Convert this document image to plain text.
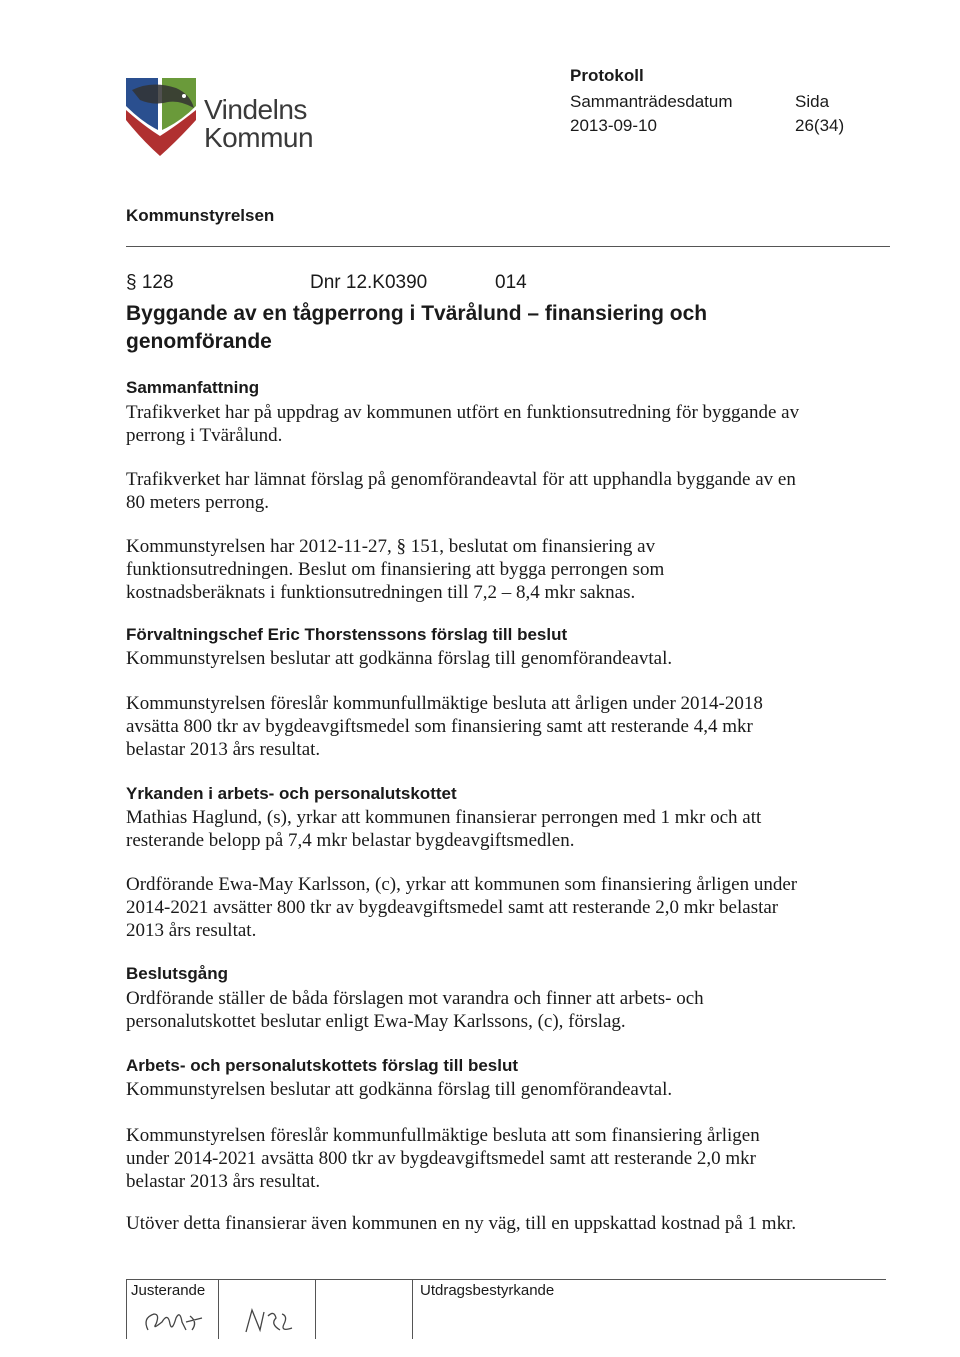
Vindelns
Kommun
Protokoll
Sammanträdesdatum
2013-09-10
Sida
26(34)
Kommunstyrelsen
§ 128	Dnr 12.K0390	014
Byggande av en tågperrong i Tvärålund – finansiering och genomförande
Sammanfattning
Trafikverket har på uppdrag av kommunen utfört en funktionsutredning för byggande av perrong i Tvärålund.
Trafikverket har lämnat förslag på genomförandeavtal för att upphandla byggande av en 80 meters perrong.
Kommunstyrelsen har 2012-11-27, § 151, beslutat om finansiering av funktionsutredningen. Beslut om finansiering att bygga perrongen som kostnadsberäknats i funktionsutredningen till 7,2 – 8,4 mkr saknas.
Förvaltningschef Eric Thorstenssons förslag till beslut
Kommunstyrelsen beslutar att godkänna förslag till genomförandeavtal.
Kommunstyrelsen föreslår kommunfullmäktige besluta att årligen under 2014-2018 avsätta 800 tkr av bygdeavgiftsmedel som finansiering samt att resterande 4,4 mkr belastar 2013 års resultat.
Yrkanden i arbets- och personalutskottet
Mathias Haglund, (s), yrkar att kommunen finansierar perrongen med 1 mkr och att resterande belopp på 7,4 mkr belastar bygdeavgiftsmedlen.
Ordförande Ewa-May Karlsson, (c), yrkar att kommunen som finansiering årligen under 2014-2021 avsätter 800 tkr av bygdeavgiftsmedel samt att resterande 2,0 mkr belastar 2013 års resultat.
Beslutsgång
Ordförande ställer de båda förslagen mot varandra och finner att arbets- och personalutskottet beslutar enligt Ewa-May Karlssons, (c), förslag.
Arbets- och personalutskottets förslag till beslut
Kommunstyrelsen beslutar att godkänna förslag till genomförandeavtal.
Kommunstyrelsen föreslår kommunfullmäktige besluta att som finansiering årligen under 2014-2021 avsätta 800 tkr av bygdeavgiftsmedel samt att resterande 2,0 mkr belastar 2013 års resultat.
Utöver detta finansierar även kommunen en ny väg, till en uppskattad kostnad på 1 mkr.
Justerande	Utdragsbestyrkande
